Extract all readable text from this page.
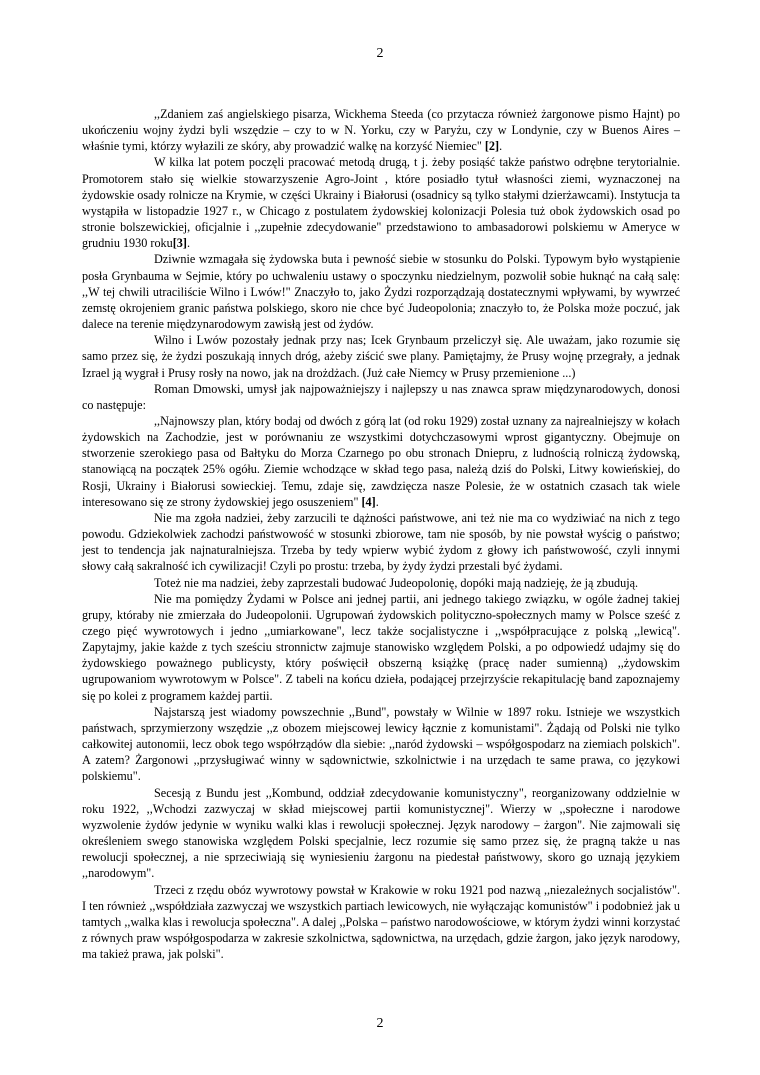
2

,,Zdaniem zaś angielskiego pisarza, Wickhema Steeda (co przytacza również żargonowe pismo Hajnt) po ukończeniu wojny żydzi byli wszędzie – czy to w N. Yorku, czy w Paryżu, czy w Londynie, czy w Buenos Aires – właśnie tymi, którzy wyłazili ze skóry, aby prowadzić walkę na korzyść Niemiec" [2].

W kilka lat potem poczęli pracować metodą drugą, t j. żeby posiąść także państwo odrębne terytorialnie. Promotorem stało się wielkie stowarzyszenie Agro-Joint , które posiadło tytuł własności ziemi, wyznaczonej na żydowskie osady rolnicze na Krymie, w części Ukrainy i Białorusi (osadnicy są tylko stałymi dzierżawcami). Instytucja ta wystąpiła w listopadzie 1927 r., w Chicago z postulatem żydowskiej kolonizacji Polesia tuż obok żydowskich osad po stronie bolszewickiej, oficjalnie i ,,zupełnie zdecydowanie" przedstawiono to ambasadorowi polskiemu w Ameryce w grudniu 1930 roku[3].

Dziwnie wzmagała się żydowska buta i pewność siebie w stosunku do Polski. Typowym było wystąpienie posła Grynbauma w Sejmie, który po uchwaleniu ustawy o spoczynku niedzielnym, pozwolił sobie huknąć na całą salę: ,,W tej chwili utraciliście Wilno i Lwów!" Znaczyło to, jako Żydzi rozporządzają dostatecznymi wpływami, by wywrzeć zemstę okrojeniem granic państwa polskiego, skoro nie chce być Judeopolonia; znaczyło to, że Polska może poczuć, jak dalece na terenie międzynarodowym zawisłą jest od żydów.

Wilno i Lwów pozostały jednak przy nas; Icek Grynbaum przeliczył się. Ale uważam, jako rozumie się samo przez się, że żydzi poszukają innych dróg, ażeby ziścić swe plany. Pamiętajmy, że Prusy wojnę przegrały, a jednak Izrael ją wygrał i Prusy rosły na nowo, jak na drożdżach. (Już całe Niemcy w Prusy przemienione ...)

Roman Dmowski, umysł jak najpoważniejszy i najlepszy u nas znawca spraw międzynarodowych, donosi co następuje:

,,Najnowszy plan, który bodaj od dwóch z górą lat (od roku 1929) został uznany za najrealniejszy w kołach żydowskich na Zachodzie, jest w porównaniu ze wszystkimi dotychczasowymi wprost gigantyczny. Obejmuje on stworzenie szerokiego pasa od Bałtyku do Morza Czarnego po obu stronach Dniepru, z ludnością rolniczą żydowską, stanowiącą na początek 25% ogółu. Ziemie wchodzące w skład tego pasa, należą dziś do Polski, Litwy kowieńskiej, do Rosji, Ukrainy i Białorusi sowieckiej. Temu, zdaje się, zawdzięcza nasze Polesie, że w ostatnich czasach tak wiele interesowano się ze strony żydowskiej jego osuszeniem" [4].

Nie ma zgoła nadziei, żeby zarzucili te dążności państwowe, ani też nie ma co wydziwiać na nich z tego powodu. Gdziekolwiek zachodzi państwowość w stosunki zbiorowe, tam nie sposób, by nie powstał wyścig o państwo; jest to tendencja jak najnaturalniejsza. Trzeba by tedy wpierw wybić żydom z głowy ich państwowość, czyli innymi słowy całą sakralność ich cywilizacji! Czyli po prostu: trzeba, by żydy żydzi przestali być żydami.

Toteż nie ma nadziei, żeby zaprzestali budować Judeopolonię, dopóki mają nadzieję, że ją zbudują.

Nie ma pomiędzy Żydami w Polsce ani jednej partii, ani jednego takiego związku, w ogóle żadnej takiej grupy, któraby nie zmierzała do Judeopolonii. Ugrupowań żydowskich polityczno-społecznych mamy w Polsce sześć z czego pięć wywrotowych i jedno ,,umiarkowane", lecz także socjalistyczne i ,,współpracujące z polską ,,lewicą". Zapytajmy, jakie każde z tych sześciu stronnictw zajmuje stanowisko względem Polski, a po odpowiedź udajmy się do żydowskiego poważnego publicysty, który poświęcił obszerną książkę (pracę nader sumienną) ,,żydowskim ugrupowaniom wywrotowym w Polsce". Z tabeli na końcu dzieła, podającej przejrzyście rekapitulację band zapoznajemy się po kolei z programem każdej partii.

Najstarszą jest wiadomy powszechnie ,,Bund", powstały w Wilnie w 1897 roku. Istnieje we wszystkich państwach, sprzymierzony wszędzie ,,z obozem miejscowej lewicy łącznie z komunistami". Żądają od Polski nie tylko całkowitej autonomii, lecz obok tego współrządów dla siebie: ,,naród żydowski – współgospodarz na ziemiach polskich". A zatem? Żargonowi ,,przysługiwać winny w sądownictwie, szkolnictwie i na urzędach te same prawa, co językowi polskiemu".

Secesją z Bundu jest ,,Kombund, oddział zdecydowanie komunistyczny", reorganizowany oddzielnie w roku 1922, ,,Wchodzi zazwyczaj w skład miejscowej partii komunistycznej". Wierzy w ,,społeczne i narodowe wyzwolenie żydów jedynie w wyniku walki klas i rewolucji społecznej. Język narodowy – żargon". Nie zajmowali się określeniem swego stanowiska względem Polski specjalnie, lecz rozumie się samo przez się, że pragną także u nas rewolucji społecznej, a nie sprzeciwiają się wyniesieniu żargonu na piedestał państwowy, skoro go uznają językiem ,,narodowym".

Trzeci z rzędu obóz wywrotowy powstał w Krakowie w roku 1921 pod nazwą ,,niezależnych socjalistów". I ten również ,,współdziała zazwyczaj we wszystkich partiach lewicowych, nie wyłączając komunistów" i podobnież jak u tamtych ,,walka klas i rewolucja społeczna". A dalej ,,Polska – państwo narodowościowe, w którym żydzi winni korzystać z równych praw współgospodarza w zakresie szkolnictwa, sądownictwa, na urzędach, gdzie żargon, jako język narodowy, ma takież prawa, jak polski".

2
